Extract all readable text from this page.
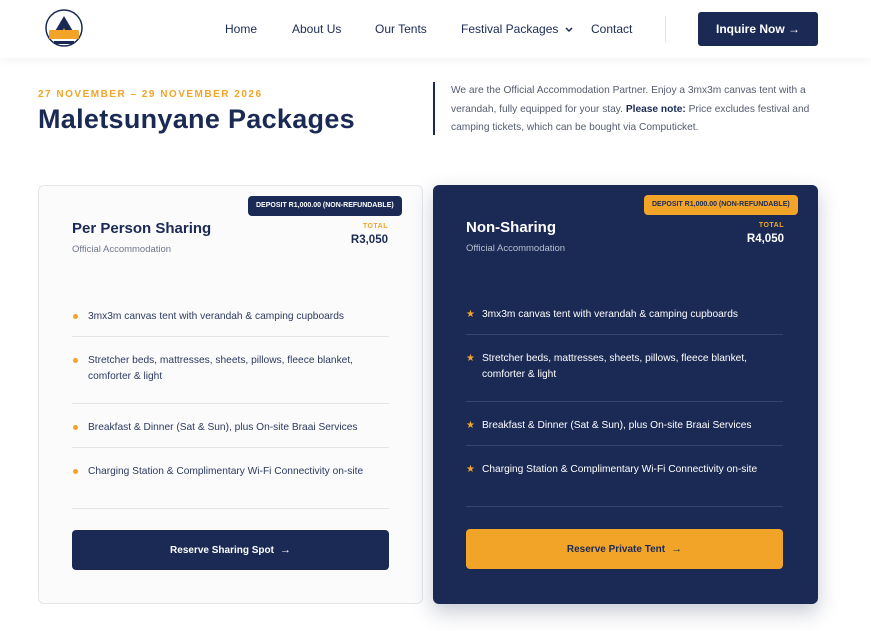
Home	About Us	Our Tents	Festival Packages	Contact	Inquire Now →
27 NOVEMBER – 29 NOVEMBER 2026
Maletsunyane Packages
We are the Official Accommodation Partner. Enjoy a 3mx3m canvas tent with a verandah, fully equipped for your stay. Please note: Price excludes festival and camping tickets, which can be bought via Computicket.
DEPOSIT R1,000.00 (NON-REFUNDABLE)
Per Person Sharing
Official Accommodation
TOTAL
R3,050
3mx3m canvas tent with verandah & camping cupboards
Stretcher beds, mattresses, sheets, pillows, fleece blanket, comforter & light
Breakfast & Dinner (Sat & Sun), plus On-site Braai Services
Charging Station & Complimentary Wi-Fi Connectivity on-site
Reserve Sharing Spot →
DEPOSIT R1,000.00 (NON-REFUNDABLE)
Non-Sharing
Official Accommodation
TOTAL
R4,050
★ 3mx3m canvas tent with verandah & camping cupboards
★ Stretcher beds, mattresses, sheets, pillows, fleece blanket, comforter & light
★ Breakfast & Dinner (Sat & Sun), plus On-site Braai Services
★ Charging Station & Complimentary Wi-Fi Connectivity on-site
Reserve Private Tent →
